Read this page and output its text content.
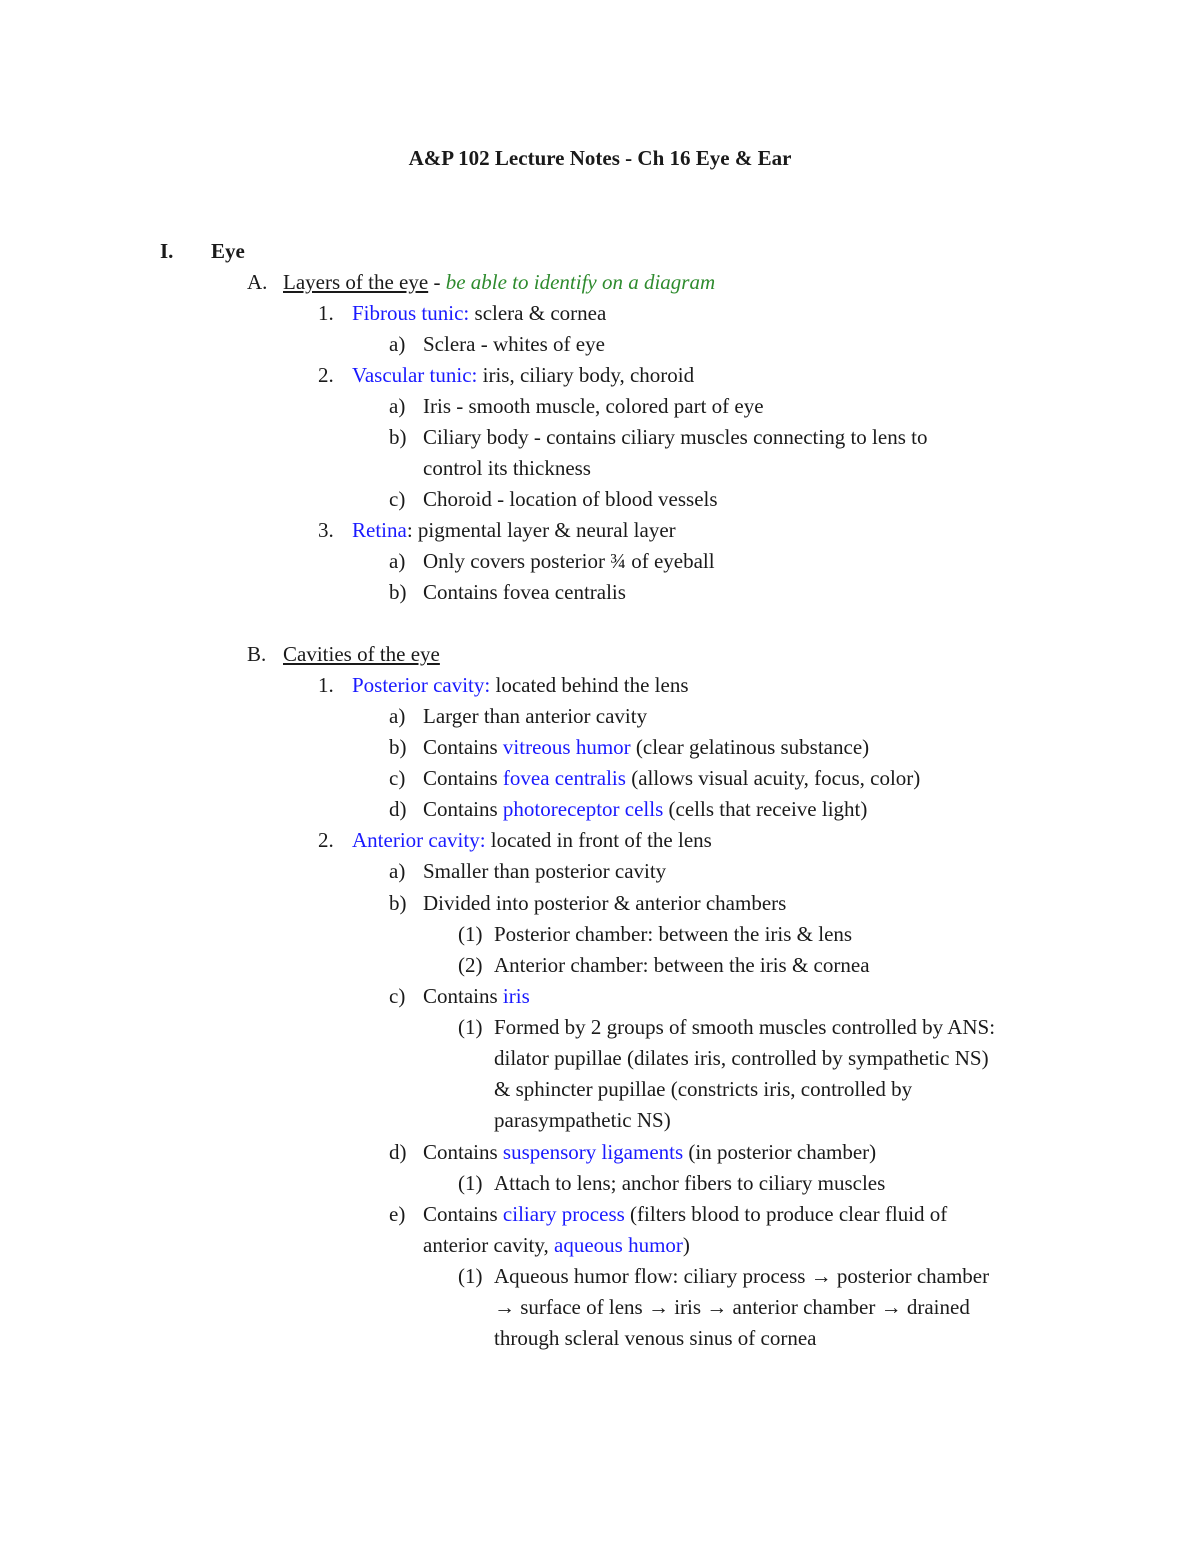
A&P 102 Lecture Notes - Ch 16 Eye & Ear
I. Eye
A. Layers of the eye - be able to identify on a diagram
1. Fibrous tunic: sclera & cornea
a) Sclera - whites of eye
2. Vascular tunic: iris, ciliary body, choroid
a) Iris - smooth muscle, colored part of eye
b) Ciliary body - contains ciliary muscles connecting to lens to
control its thickness
c) Choroid - location of blood vessels
3. Retina: pigmental layer & neural layer
a) Only covers posterior ¾ of eyeball
b) Contains fovea centralis
B. Cavities of the eye
1. Posterior cavity: located behind the lens
a) Larger than anterior cavity
b) Contains vitreous humor (clear gelatinous substance)
c) Contains fovea centralis (allows visual acuity, focus, color)
d) Contains photoreceptor cells (cells that receive light)
2. Anterior cavity: located in front of the lens
a) Smaller than posterior cavity
b) Divided into posterior & anterior chambers
(1) Posterior chamber: between the iris & lens
(2) Anterior chamber: between the iris & cornea
c) Contains iris
(1) Formed by 2 groups of smooth muscles controlled by ANS:
dilator pupillae (dilates iris, controlled by sympathetic NS)
& sphincter pupillae (constricts iris, controlled by
parasympathetic NS)
d) Contains suspensory ligaments (in posterior chamber)
(1) Attach to lens; anchor fibers to ciliary muscles
e) Contains ciliary process (filters blood to produce clear fluid of
anterior cavity, aqueous humor)
(1) Aqueous humor flow: ciliary process → posterior chamber
→ surface of lens → iris → anterior chamber → drained
through scleral venous sinus of cornea
